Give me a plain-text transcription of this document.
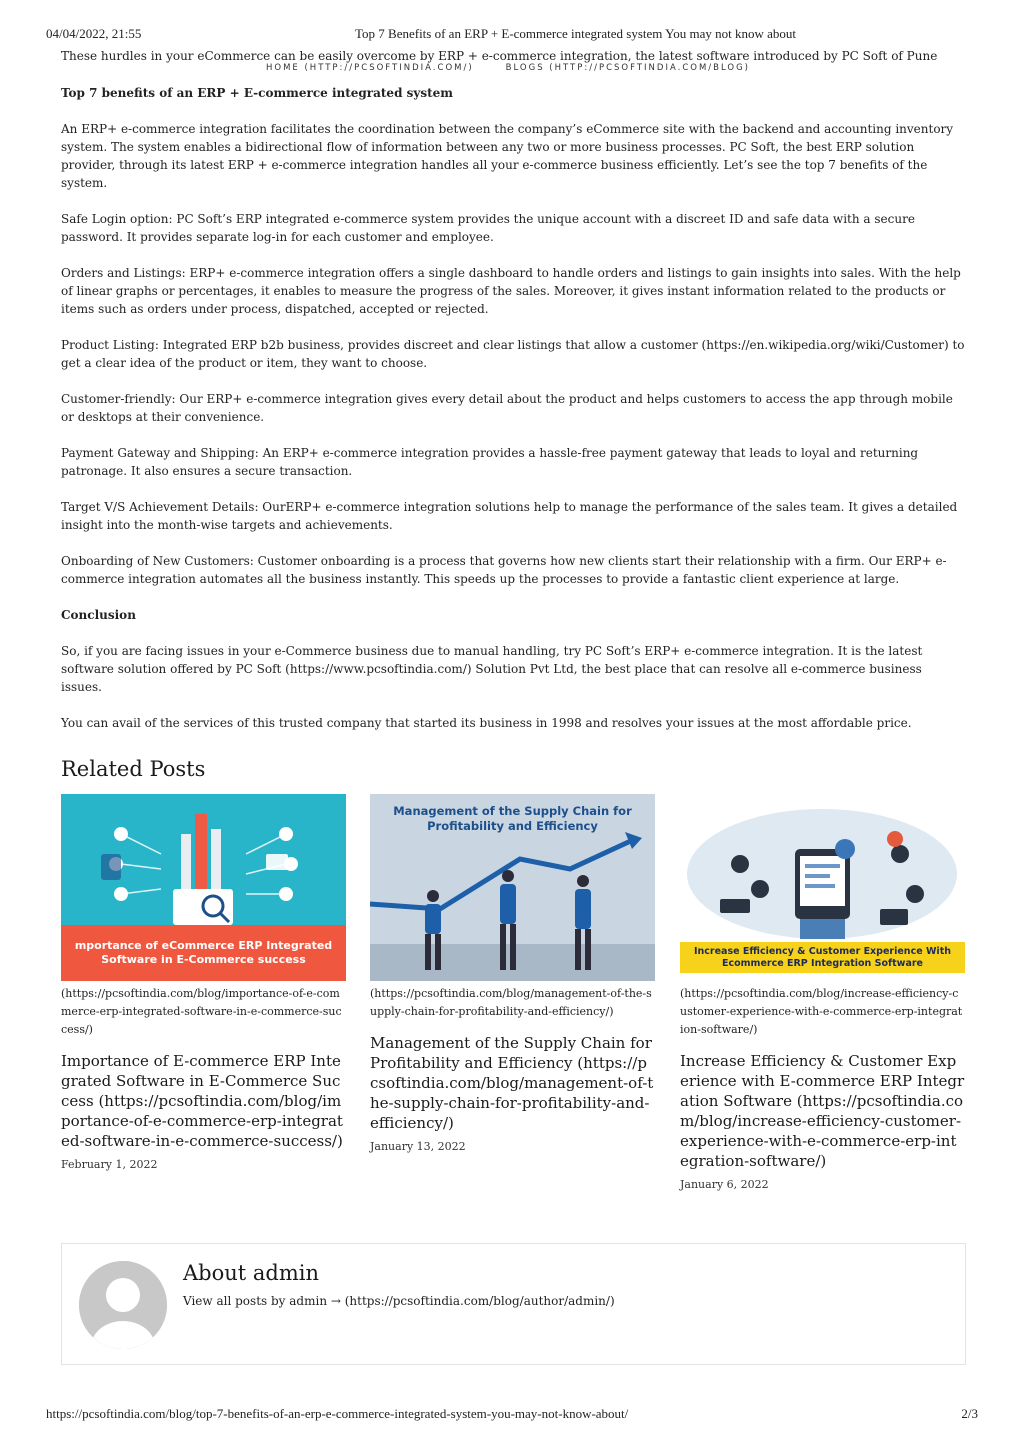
04/04/2022, 21:55	Top 7 Benefits of an ERP + E-commerce integrated system You may not know about
These hurdles in your eCommerce can be easily overcome by ERP + e-commerce integration, the latest software introduced by PC Soft of Pune
HOME (HTTP://PCSOFTINDIA.COM/)	BLOGS (HTTP://PCSOFTINDIA.COM/BLOG)

Top 7 benefits of an ERP + E-commerce integrated system

An ERP+ e-commerce integration facilitates the coordination between the company’s eCommerce site with the backend and accounting inventory system. The system enables a bidirectional flow of information between any two or more business processes. PC Soft, the best ERP solution provider, through its latest ERP + e-commerce integration handles all your e-commerce business efficiently. Let’s see the top 7 benefits of the system.

Safe Login option: PC Soft’s ERP integrated e-commerce system provides the unique account with a discreet ID and safe data with a secure password. It provides separate log-in for each customer and employee.

Orders and Listings: ERP+ e-commerce integration offers a single dashboard to handle orders and listings to gain insights into sales. With the help of linear graphs or percentages, it enables to measure the progress of the sales. Moreover, it gives instant information related to the products or items such as orders under process, dispatched, accepted or rejected.

Product Listing: Integrated ERP b2b business, provides discreet and clear listings that allow a customer (https://en.wikipedia.org/wiki/Customer) to get a clear idea of the product or item, they want to choose.

Customer-friendly: Our ERP+ e-commerce integration gives every detail about the product and helps customers to access the app through mobile or desktops at their convenience.

Payment Gateway and Shipping: An ERP+ e-commerce integration provides a hassle-free payment gateway that leads to loyal and returning patronage. It also ensures a secure transaction.

Target V/S Achievement Details: OurERP+ e-commerce integration solutions help to manage the performance of the sales team. It gives a detailed insight into the month-wise targets and achievements.

Onboarding of New Customers: Customer onboarding is a process that governs how new clients start their relationship with a firm. Our ERP+ e-commerce integration automates all the business instantly. This speeds up the processes to provide a fantastic client experience at large.

Conclusion

So, if you are facing issues in your e-Commerce business due to manual handling, try PC Soft’s ERP+ e-commerce integration. It is the latest software solution offered by PC Soft (https://www.pcsoftindia.com/) Solution Pvt Ltd, the best place that can resolve all e-commerce business issues.

You can avail of the services of this trusted company that started its business in 1998 and resolves your issues at the most affordable price.

Related Posts
mportance of eCommerce ERP Integrated Software in E-Commerce success
(https://pcsoftindia.com/blog/importance-of-e-commerce-erp-integrated-software-in-e-commerce-success/)
Importance of E-commerce ERP Integrated Software in E-Commerce Success (https://pcsoftindia.com/blog/importance-of-e-commerce-erp-integrated-software-in-e-commerce-success/)
February 1, 2022
Management of the Supply Chain for Profitability and Efficiency
(https://pcsoftindia.com/blog/management-of-the-supply-chain-for-profitability-and-efficiency/)
Management of the Supply Chain for Profitability and Efficiency (https://pcsoftindia.com/blog/management-of-the-supply-chain-for-profitability-and-efficiency/)
January 13, 2022
Increase Efficiency & Customer Experience With Ecommerce ERP Integration Software
(https://pcsoftindia.com/blog/increase-efficiency-customer-experience-with-e-commerce-erp-integration-software/)
Increase Efficiency & Customer Experience with E-commerce ERP Integration Software (https://pcsoftindia.com/blog/increase-efficiency-customer-experience-with-e-commerce-erp-integration-software/)
January 6, 2022
About admin
View all posts by admin → (https://pcsoftindia.com/blog/author/admin/)
https://pcsoftindia.com/blog/top-7-benefits-of-an-erp-e-commerce-integrated-system-you-may-not-know-about/	2/3
